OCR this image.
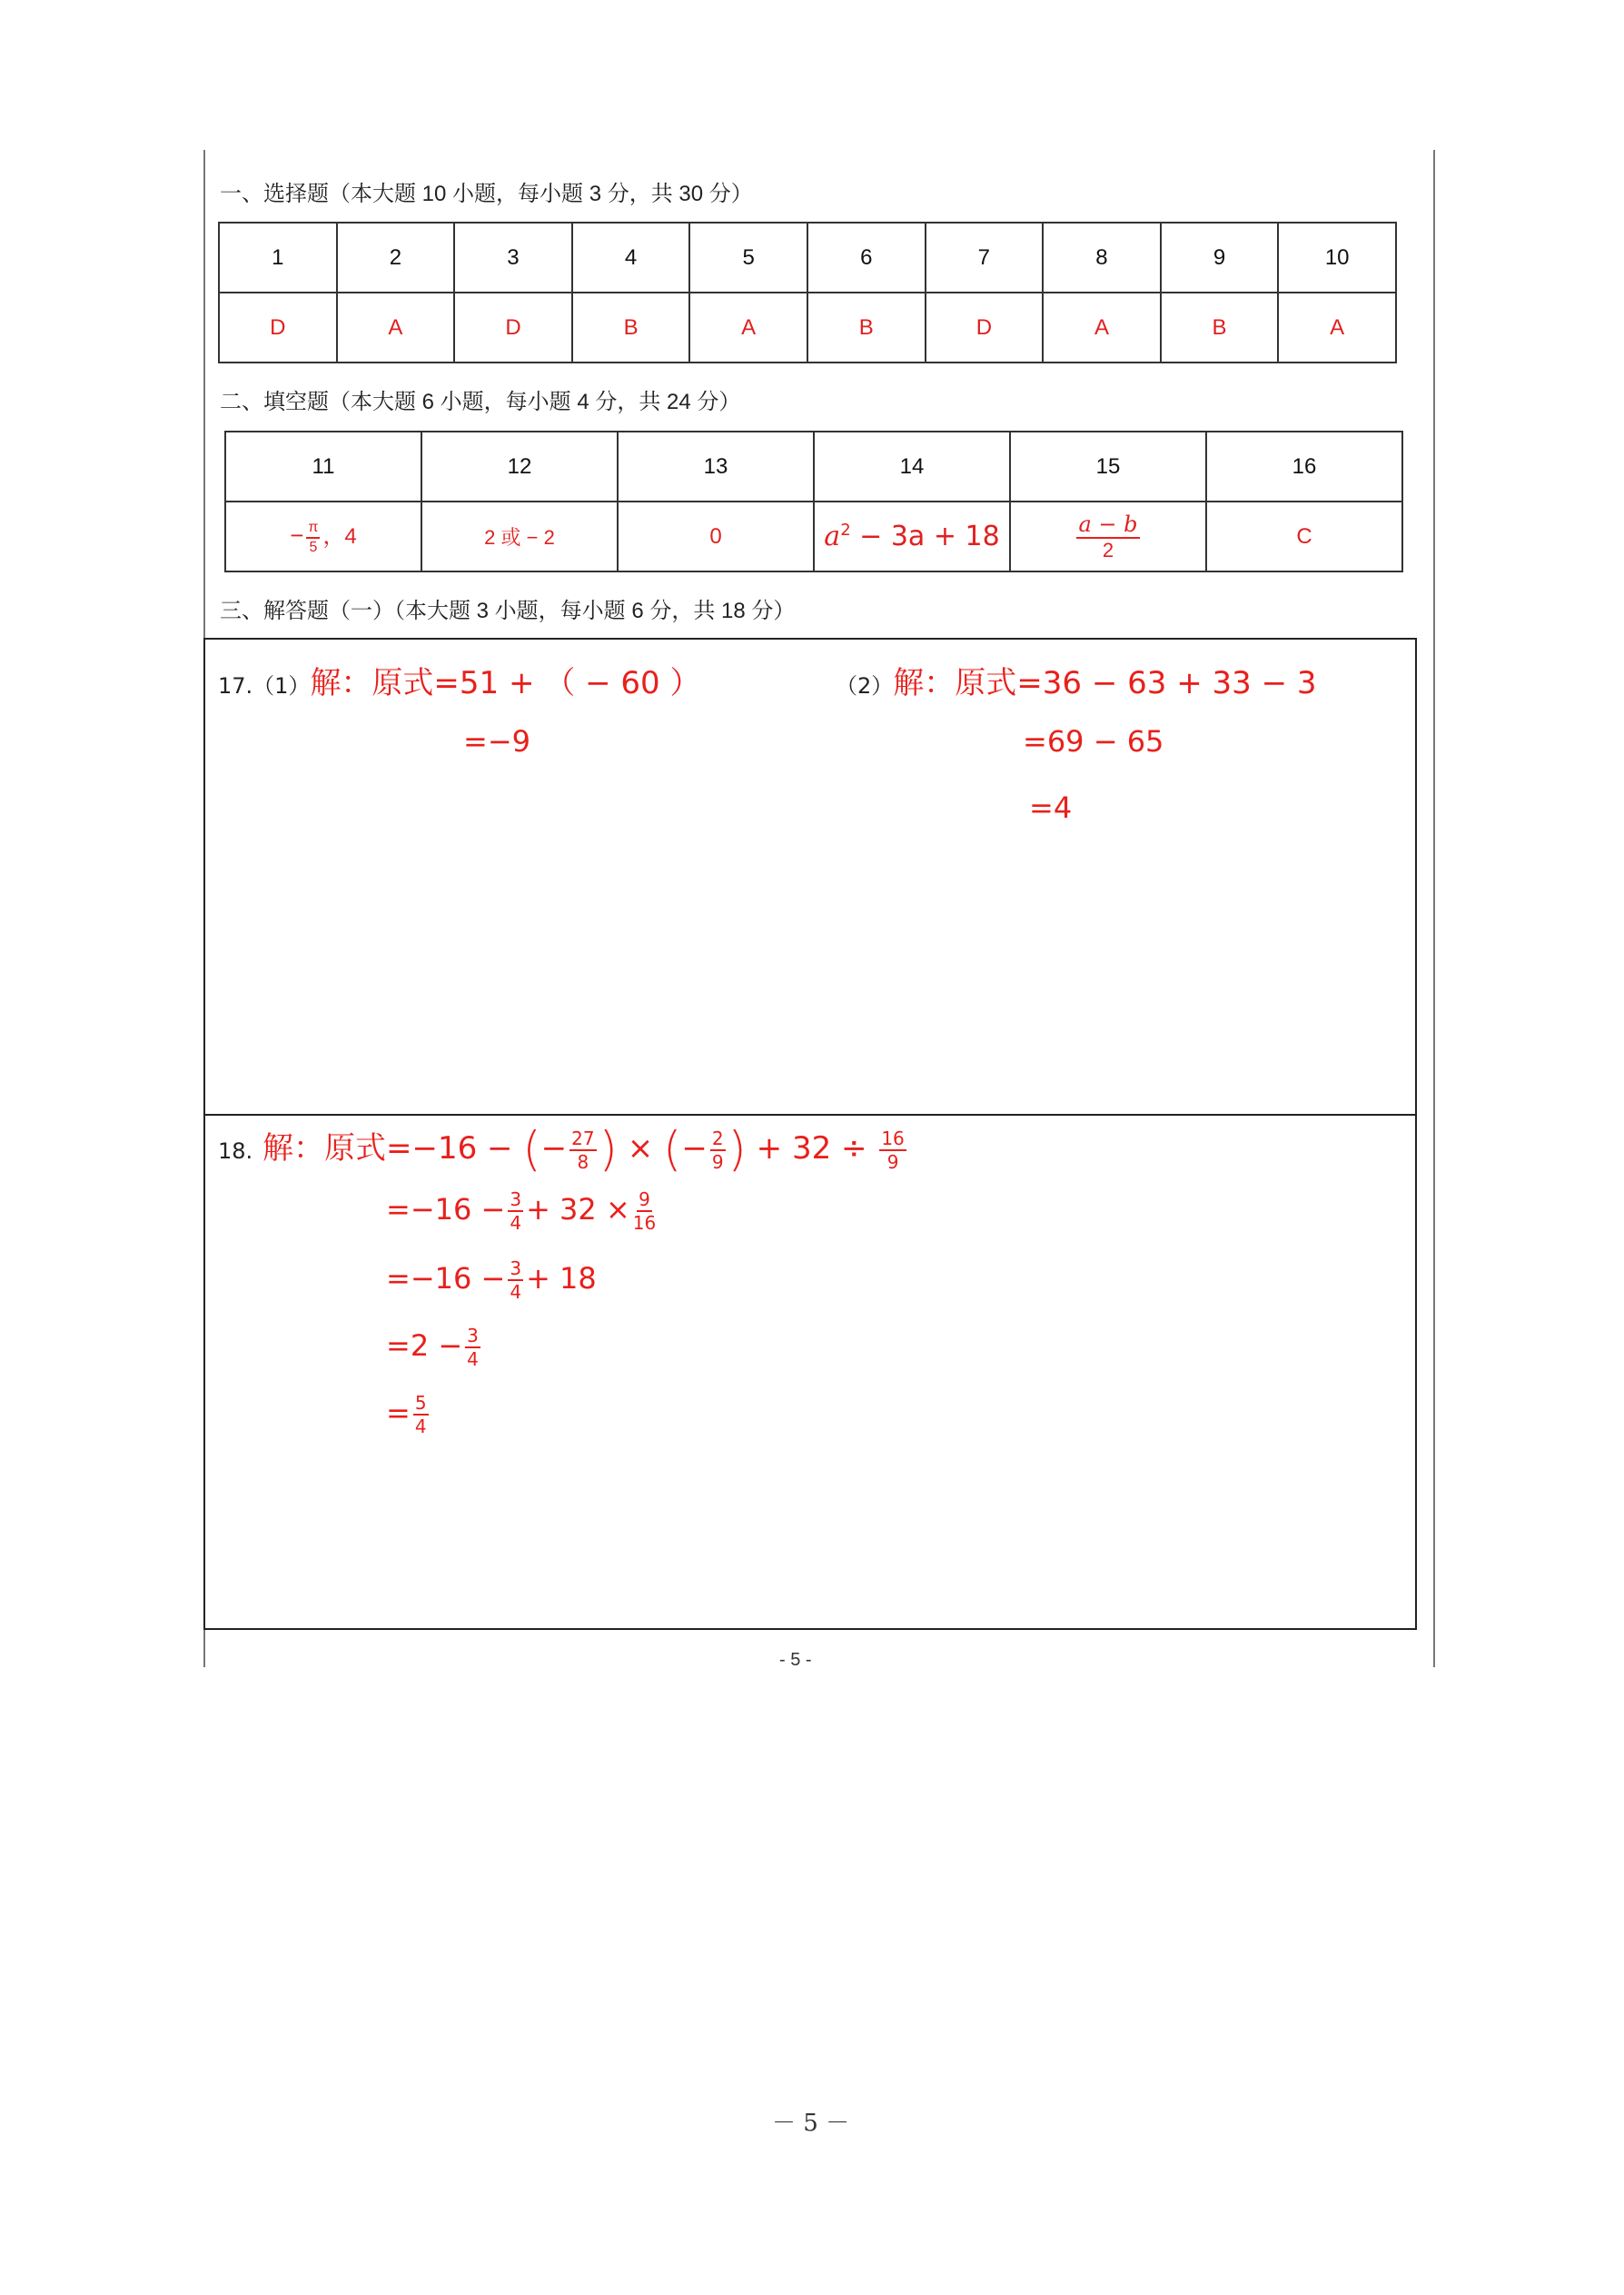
一、选择题（本大题 10 小题，每小题 3 分，共 30 分）
1	2	3	4	5	6	7	8	9	10
D	A	D	B	A	B	D	A	B	A
二、填空题（本大题 6 小题，每小题 4 分，共 24 分）
11	12	13	14	15	16
− $\frac{\pi}{5}$ ，4	2 或 − 2	0	$a^2 - 3a + 18$	$\frac{a - b}{2}$	C
三、解答题（一）（本大题 3 小题，每小题 6 分，共 18 分）
17.（1）解：原式=51 + （ − 60 ）
=−9
（2）解：原式=36 − 63 + 33 − 3
=69 − 65
=4
18. 解：原式=−16 − (− $\frac{27}{8}$ ) × (− $\frac{2}{9}$ ) + $32 \div \frac{16}{9}$
$=-16 - \frac{3}{4} + 32 \times \frac{9}{16}$
$=-16 - \frac{3}{4} + 18$
$=2 - \frac{3}{4}$
= $\frac{5}{4}$
- 5 -
－ 5 －
